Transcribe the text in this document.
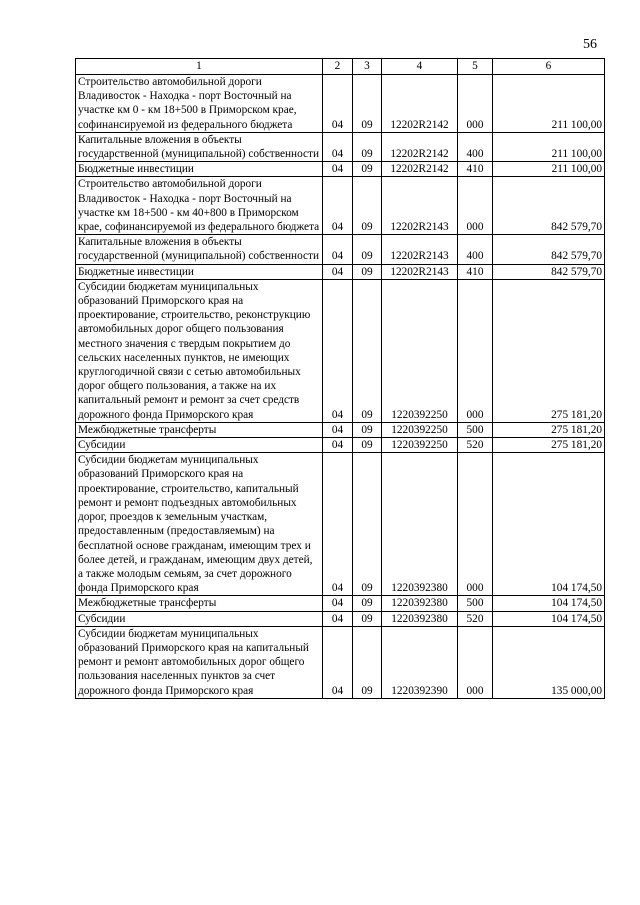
56
1	2	3	4	5	6
Строительство автомобильной дороги Владивосток - Находка - порт Восточный на участке км 0 - км 18+500 в Приморском крае, софинансируемой из федерального бюджета	04	09	12202R2142	000	211 100,00
Капитальные вложения в объекты государственной (муниципальной) собственности	04	09	12202R2142	400	211 100,00
Бюджетные инвестиции	04	09	12202R2142	410	211 100,00
Строительство автомобильной дороги Владивосток - Находка - порт Восточный на участке км 18+500 - км 40+800 в Приморском крае, софинансируемой из федерального бюджета	04	09	12202R2143	000	842 579,70
Капитальные вложения в объекты государственной (муниципальной) собственности	04	09	12202R2143	400	842 579,70
Бюджетные инвестиции	04	09	12202R2143	410	842 579,70
Субсидии бюджетам муниципальных образований Приморского края на проектирование, строительство, реконструкцию автомобильных дорог общего пользования местного значения с твердым покрытием до сельских населенных пунктов, не имеющих круглогодичной связи с сетью автомобильных дорог общего пользования, а также на их капитальный ремонт и ремонт за счет средств дорожного фонда Приморского края	04	09	1220392250	000	275 181,20
Межбюджетные трансферты	04	09	1220392250	500	275 181,20
Субсидии	04	09	1220392250	520	275 181,20
Субсидии бюджетам муниципальных образований Приморского края на проектирование, строительство, капитальный ремонт и ремонт подъездных автомобильных дорог, проездов к земельным участкам, предоставленным (предоставляемым) на бесплатной основе гражданам, имеющим трех и более детей, и гражданам, имеющим двух детей, а также молодым семьям, за счет дорожного фонда Приморского края	04	09	1220392380	000	104 174,50
Межбюджетные трансферты	04	09	1220392380	500	104 174,50
Субсидии	04	09	1220392380	520	104 174,50
Субсидии бюджетам муниципальных образований Приморского края на капитальный ремонт и ремонт автомобильных дорог общего пользования населенных пунктов за счет дорожного фонда Приморского края	04	09	1220392390	000	135 000,00
